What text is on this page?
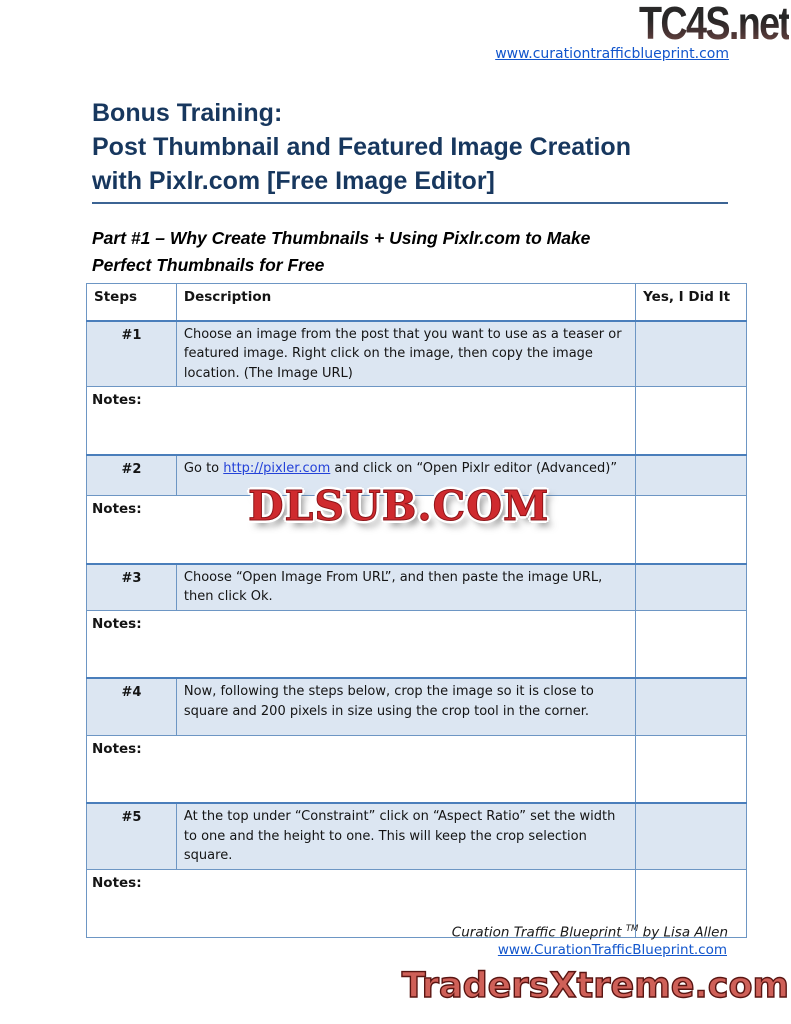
TC4S.net
www.curationtrafficblueprint.com
Bonus Training:
Post Thumbnail and Featured Image Creation
with Pixlr.com [Free Image Editor]
Part #1 – Why Create Thumbnails + Using Pixlr.com to Make
Perfect Thumbnails for Free
Steps	Description	Yes, I Did It
#1	Choose an image from the post that you want to use as a teaser or featured image. Right click on the image, then copy the image location. (The Image URL)	
Notes:		
#2	Go to http://pixler.com and click on “Open Pixlr editor (Advanced)”	
Notes:		
#3	Choose “Open Image From URL”, and then paste the image URL, then click Ok.	
Notes:		
#4	Now, following the steps below, crop the image so it is close to square and 200 pixels in size using the crop tool in the corner.	
Notes:		
#5	At the top under “Constraint” click on “Aspect Ratio” set the width to one and the height to one. This will keep the crop selection square.	
Notes:		
DLSUB.COM
Curation Traffic Blueprint ™ by Lisa Allen
www.CurationTrafficBlueprint.com
TradersXtreme.com
